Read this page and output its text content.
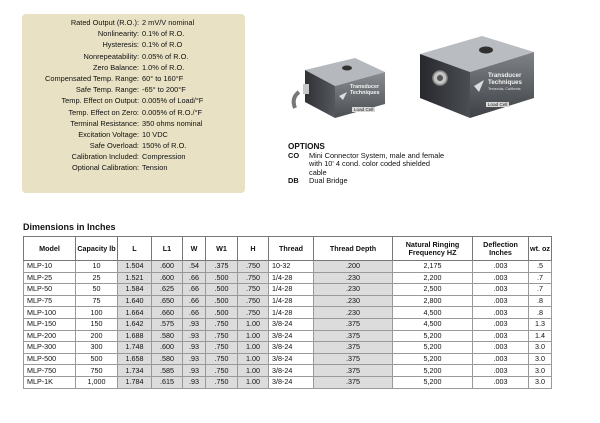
Rated Output (R.O.): 2 mV/V nominal
Nonlinearity: 0.1% of R.O.
Hysteresis: 0.1% of R.O
Nonrepeatability: 0.05% of R.O.
Zero Balance: 1.0% of R.O.
Compensated Temp. Range: 60° to 160°F
Safe Temp. Range: -65° to 200°F
Temp. Effect on Output: 0.005% of Load/°F
Temp. Effect on Zero: 0.005% of R.O./°F
Terminal Resistance: 350 ohms nominal
Excitation Voltage: 10 VDC
Safe Overload: 150% of R.O.
Calibration Included: Compression
Optional Calibration: Tension
Transducer
Techniques
Load Cell
Transducer
Techniques
Temecula, California
Load Cell
OPTIONS
CO	Mini Connector System, male and female with 10' 4 cond. color coded shielded cable
DB	Dual Bridge
Dimensions in Inches
Model	Capacity lb	L	L1	W	W1	H	Thread	Thread Depth	Natural Ringing Frequency HZ	Deflection Inches	wt. oz
MLP-10	10	1.504	.600	.54	.375	.750	10-32	.200	2,175	.003	.5
MLP-25	25	1.521	.600	.66	.500	.750	1/4-28	.230	2,200	.003	.7
MLP-50	50	1.584	.625	.66	.500	.750	1/4-28	.230	2,500	.003	.7
MLP-75	75	1.640	.650	.66	.500	.750	1/4-28	.230	2,800	.003	.8
MLP-100	100	1.664	.660	.66	.500	.750	1/4-28	.230	4,500	.003	.8
MLP-150	150	1.642	.575	.93	.750	1.00	3/8-24	.375	4,500	.003	1.3
MLP-200	200	1.688	.580	.93	.750	1.00	3/8-24	.375	5,200	.003	1.4
MLP-300	300	1.748	.600	.93	.750	1.00	3/8-24	.375	5,200	.003	3.0
MLP-500	500	1.658	.580	.93	.750	1.00	3/8-24	.375	5,200	.003	3.0
MLP-750	750	1.734	.585	.93	.750	1.00	3/8-24	.375	5,200	.003	3.0
MLP-1K	1,000	1.784	.615	.93	.750	1.00	3/8-24	.375	5,200	.003	3.0
